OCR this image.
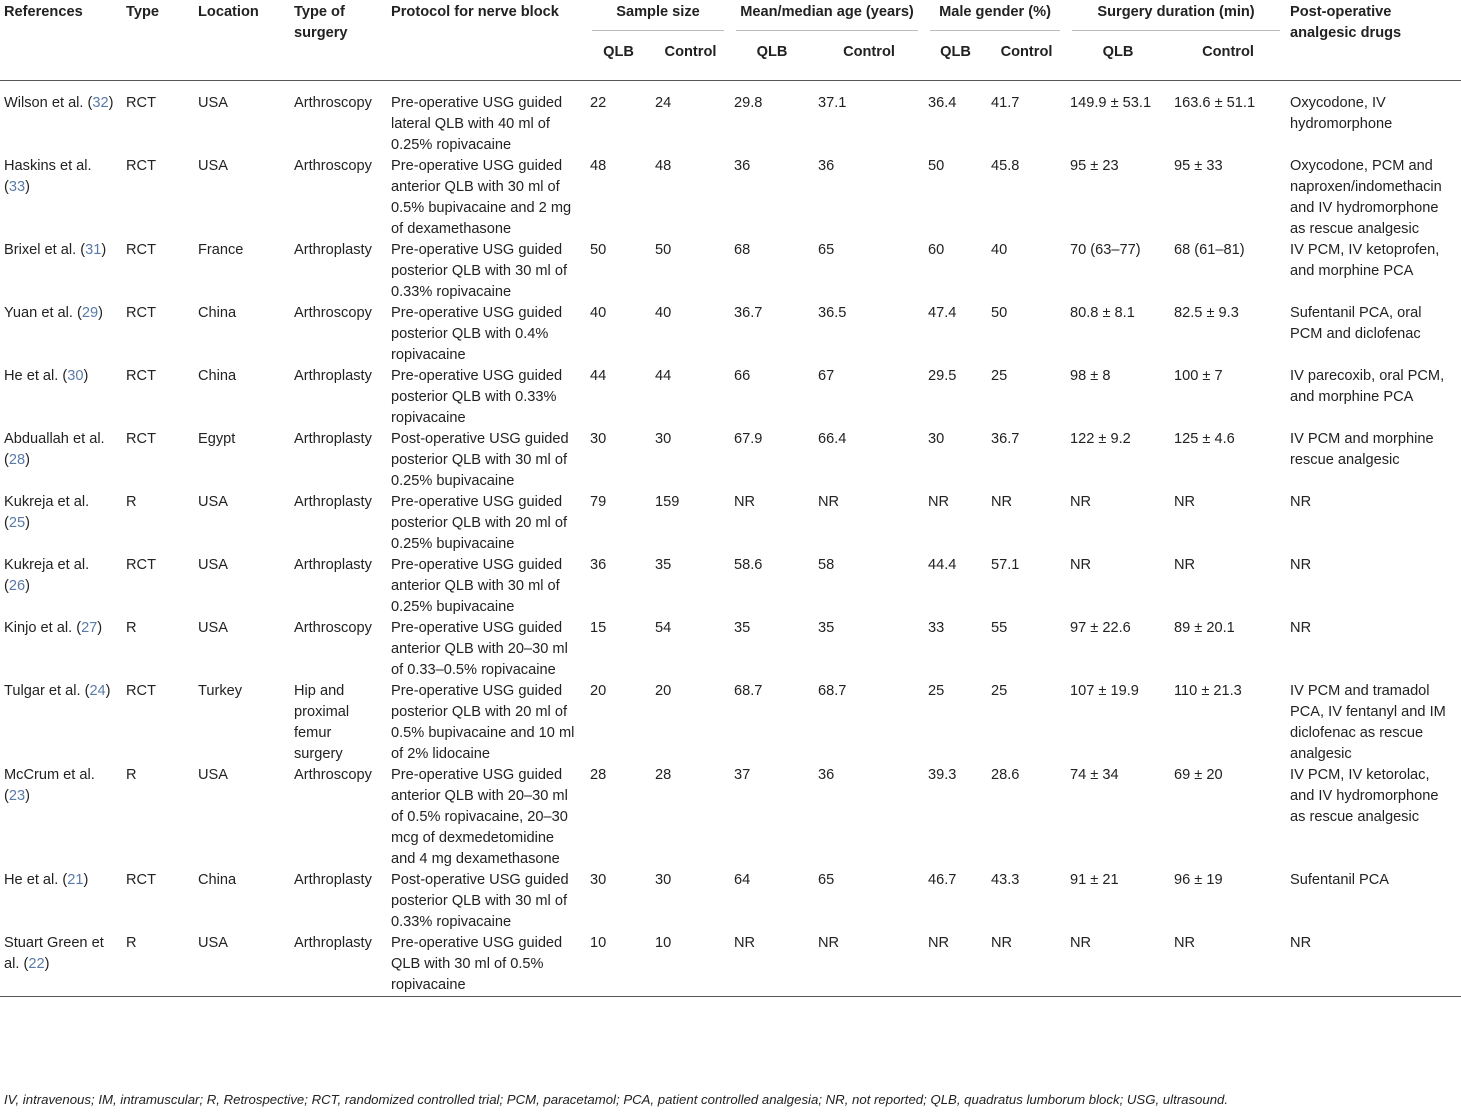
References	Type	Location	Type of surgery	Protocol for nerve block	Sample size		Mean/median age (years)		Male gender (%)		Surgery duration (min)		Post-operative analgesic drugs
					QLB	Control	QLB	Control	QLB	Control	QLB	Control	
Wilson et al. (32)	RCT	USA	Arthroscopy	Pre-operative USG guided lateral QLB with 40 ml of 0.25% ropivacaine	22	24	29.8	37.1	36.4	41.7	149.9 ± 53.1	163.6 ± 51.1	Oxycodone, IV hydromorphone
Haskins et al. (33)	RCT	USA	Arthroscopy	Pre-operative USG guided anterior QLB with 30 ml of 0.5% bupivacaine and 2 mg of dexamethasone	48	48	36	36	50	45.8	95 ± 23	95 ± 33	Oxycodone, PCM and naproxen/indomethacin and IV hydromorphone as rescue analgesic
Brixel et al. (31)	RCT	France	Arthroplasty	Pre-operative USG guided posterior QLB with 30 ml of 0.33% ropivacaine	50	50	68	65	60	40	70 (63–77)	68 (61–81)	IV PCM, IV ketoprofen, and morphine PCA
Yuan et al. (29)	RCT	China	Arthroscopy	Pre-operative USG guided posterior QLB with 0.4% ropivacaine	40	40	36.7	36.5	47.4	50	80.8 ± 8.1	82.5 ± 9.3	Sufentanil PCA, oral PCM and diclofenac
He et al. (30)	RCT	China	Arthroplasty	Pre-operative USG guided posterior QLB with 0.33% ropivacaine	44	44	66	67	29.5	25	98 ± 8	100 ± 7	IV parecoxib, oral PCM, and morphine PCA
Abduallah et al. (28)	RCT	Egypt	Arthroplasty	Post-operative USG guided posterior QLB with 30 ml of 0.25% bupivacaine	30	30	67.9	66.4	30	36.7	122 ± 9.2	125 ± 4.6	IV PCM and morphine rescue analgesic
Kukreja et al. (25)	R	USA	Arthroplasty	Pre-operative USG guided posterior QLB with 20 ml of 0.25% bupivacaine	79	159	NR	NR	NR	NR	NR	NR	NR
Kukreja et al. (26)	RCT	USA	Arthroplasty	Pre-operative USG guided anterior QLB with 30 ml of 0.25% bupivacaine	36	35	58.6	58	44.4	57.1	NR	NR	NR
Kinjo et al. (27)	R	USA	Arthroscopy	Pre-operative USG guided anterior QLB with 20–30 ml of 0.33–0.5% ropivacaine	15	54	35	35	33	55	97 ± 22.6	89 ± 20.1	NR
Tulgar et al. (24)	RCT	Turkey	Hip and proximal femur surgery	Pre-operative USG guided posterior QLB with 20 ml of 0.5% bupivacaine and 10 ml of 2% lidocaine	20	20	68.7	68.7	25	25	107 ± 19.9	110 ± 21.3	IV PCM and tramadol PCA, IV fentanyl and IM diclofenac as rescue analgesic
McCrum et al. (23)	R	USA	Arthroscopy	Pre-operative USG guided anterior QLB with 20–30 ml of 0.5% ropivacaine, 20–30 mcg of dexmedetomidine and 4 mg dexamethasone	28	28	37	36	39.3	28.6	74 ± 34	69 ± 20	IV PCM, IV ketorolac, and IV hydromorphone as rescue analgesic
He et al. (21)	RCT	China	Arthroplasty	Post-operative USG guided posterior QLB with 30 ml of 0.33% ropivacaine	30	30	64	65	46.7	43.3	91 ± 21	96 ± 19	Sufentanil PCA
Stuart Green et al. (22)	R	USA	Arthroplasty	Pre-operative USG guided QLB with 30 ml of 0.5% ropivacaine	10	10	NR	NR	NR	NR	NR	NR	NR
IV, intravenous; IM, intramuscular; R, Retrospective; RCT, randomized controlled trial; PCM, paracetamol; PCA, patient controlled analgesia; NR, not reported; QLB, quadratus lumborum block; USG, ultrasound.
